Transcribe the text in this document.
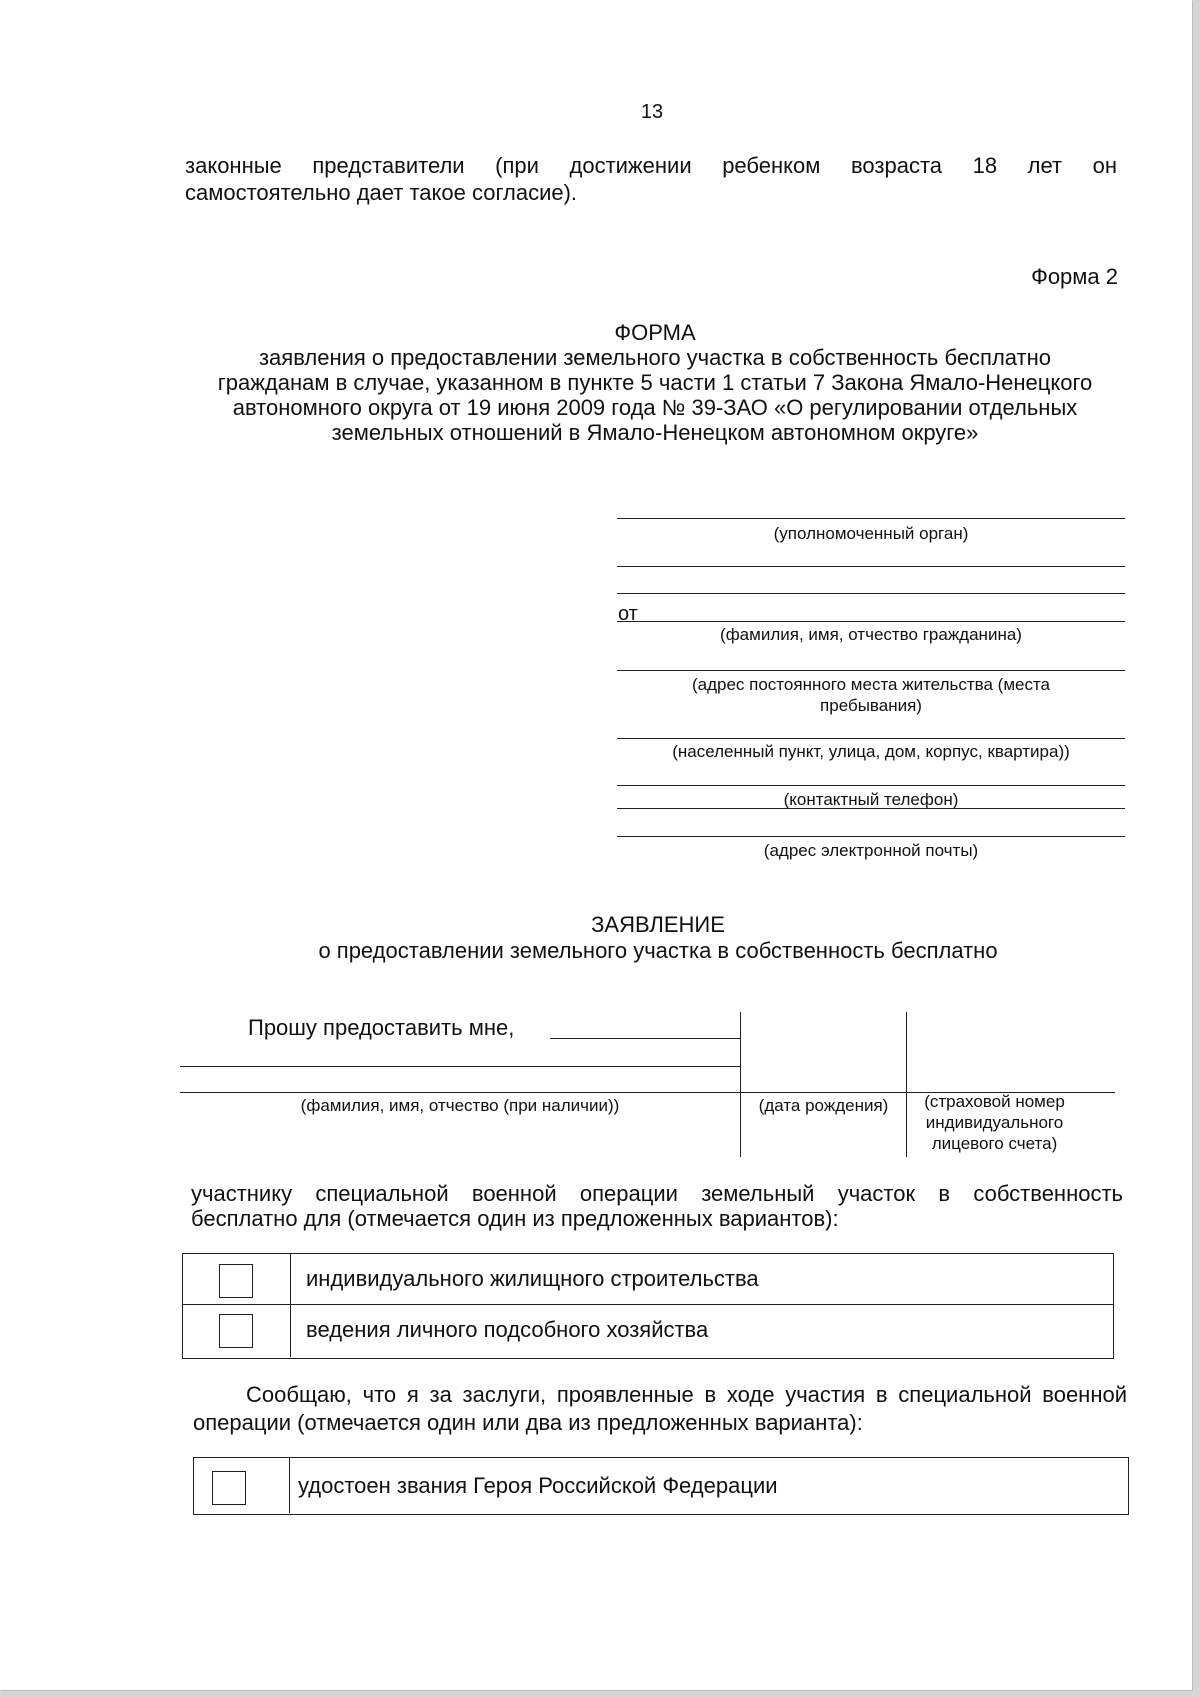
13
законные представители (при достижении ребенком возраста 18 лет он
самостоятельно дает такое согласие).
Форма 2
ФОРМА
заявления о предоставлении земельного участка в собственность бесплатно
гражданам в случае, указанном в пункте 5 части 1 статьи 7 Закона Ямало-Ненецкого
автономного округа от 19 июня 2009 года № 39-ЗАО «О регулировании отдельных
земельных отношений в Ямало-Ненецком автономном округе»
(уполномоченный орган)
от
(фамилия, имя, отчество гражданина)
(адрес постоянного места жительства (места
пребывания)
(населенный пункт, улица, дом, корпус, квартира))
(контактный телефон)
(адрес электронной почты)
ЗАЯВЛЕНИЕ
о предоставлении земельного участка в собственность бесплатно
Прошу предоставить мне,
(фамилия, имя, отчество (при наличии))	(дата рождения)	(страховой номер
индивидуального
лицевого счета)
участнику специальной военной операции земельный участок в собственность
бесплатно для (отмечается один из предложенных вариантов):
индивидуального жилищного строительства
ведения личного подсобного хозяйства
Сообщаю, что я за заслуги, проявленные в ходе участия в специальной военной
операции (отмечается один или два из предложенных варианта):
удостоен звания Героя Российской Федерации
